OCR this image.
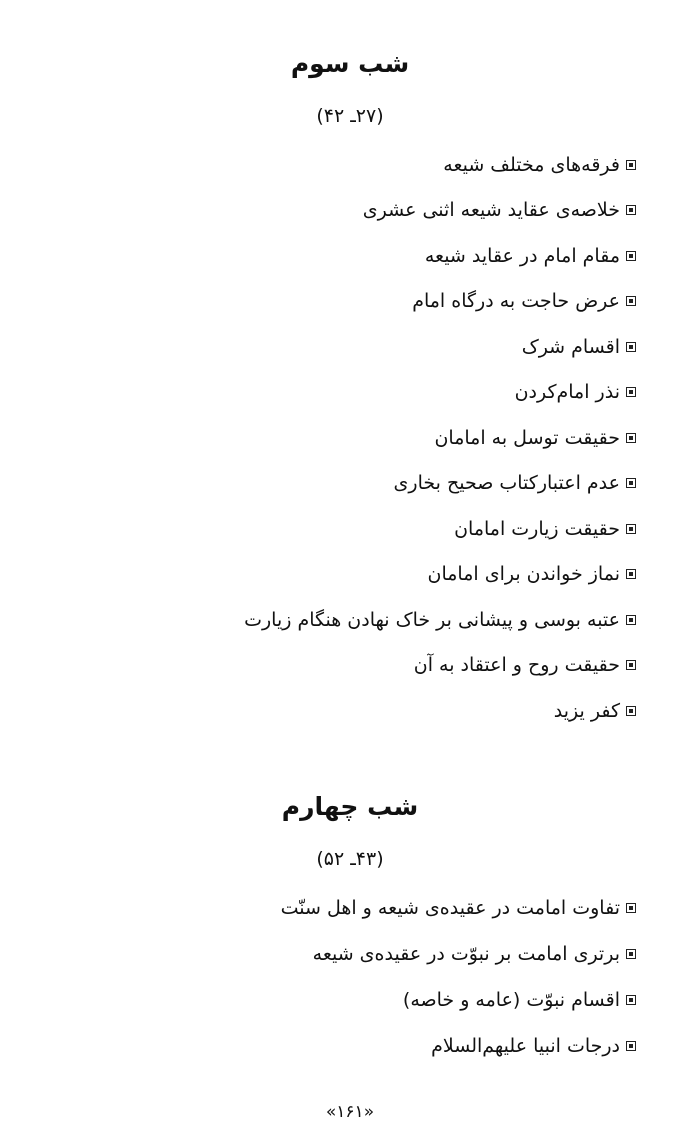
شب سوم
(۲۷ـ ۴۲)
فرقه‌های مختلف شیعه
خلاصه‌ی عقاید شیعه اثنی عشری
مقام امام در عقاید شیعه
عرض حاجت به درگاه امام
اقسام شرک
نذر امام‌کردن
حقیقت توسل به امامان
عدم اعتبار‌کتاب صحیح بخاری
حقیقت زیارت امامان
نماز خواندن برای امامان
عتبه بوسی و پیشانی بر خاک نهادن هنگام زیارت
حقیقت روح و اعتقاد به آن
کفر یزید
شب چهارم
(۴۳ـ ۵۲)
تفاوت امامت در عقیده‌ی شیعه و اهل سنّت
برتری امامت بر نبوّت در عقیده‌ی شیعه
اقسام نبوّت (عامه و خاصه)
درجات انبیا علیهم‌السلام
«۱۶۱»
